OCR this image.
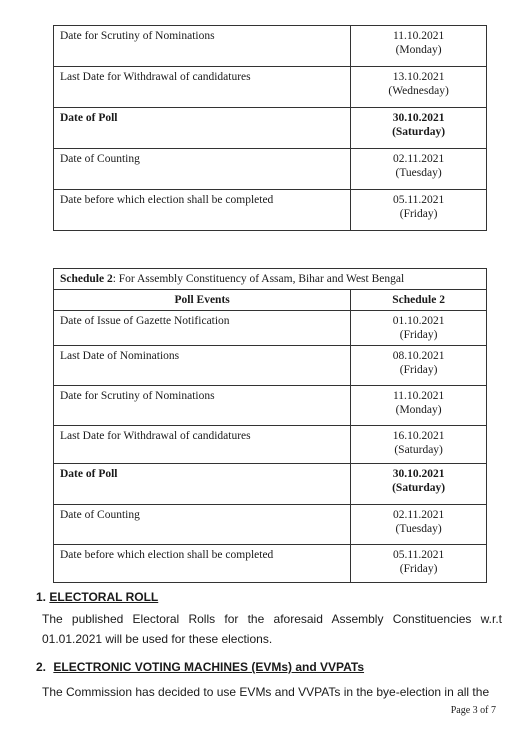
Date for Scrutiny of Nominations	11.10.2021
(Monday)

Last Date for Withdrawal of candidatures	13.10.2021
(Wednesday)

Date of Poll	30.10.2021
(Saturday)

Date of Counting	02.11.2021
(Tuesday)

Date before which election shall be completed	05.11.2021
(Friday)
Schedule 2: For Assembly Constituency of Assam, Bihar and West Bengal	
Poll Events	Schedule 2
Date of Issue of Gazette Notification	01.10.2021
(Friday)

Last Date of Nominations	08.10.2021
(Friday)

Date for Scrutiny of Nominations	11.10.2021
(Monday)

Last Date for Withdrawal of candidatures	16.10.2021
(Saturday)

Date of Poll	30.10.2021
(Saturday)

Date of Counting	02.11.2021
(Tuesday)

Date before which election shall be completed	05.11.2021
(Friday)
1. ELECTORAL ROLL
The published Electoral Rolls for the aforesaid Assembly Constituencies w.r.t 01.01.2021 will be used for these elections.
2. ELECTRONIC VOTING MACHINES (EVMs) and VVPATs
The Commission has decided to use EVMs and VVPATs in the bye-election in all the
Page 3 of 7
